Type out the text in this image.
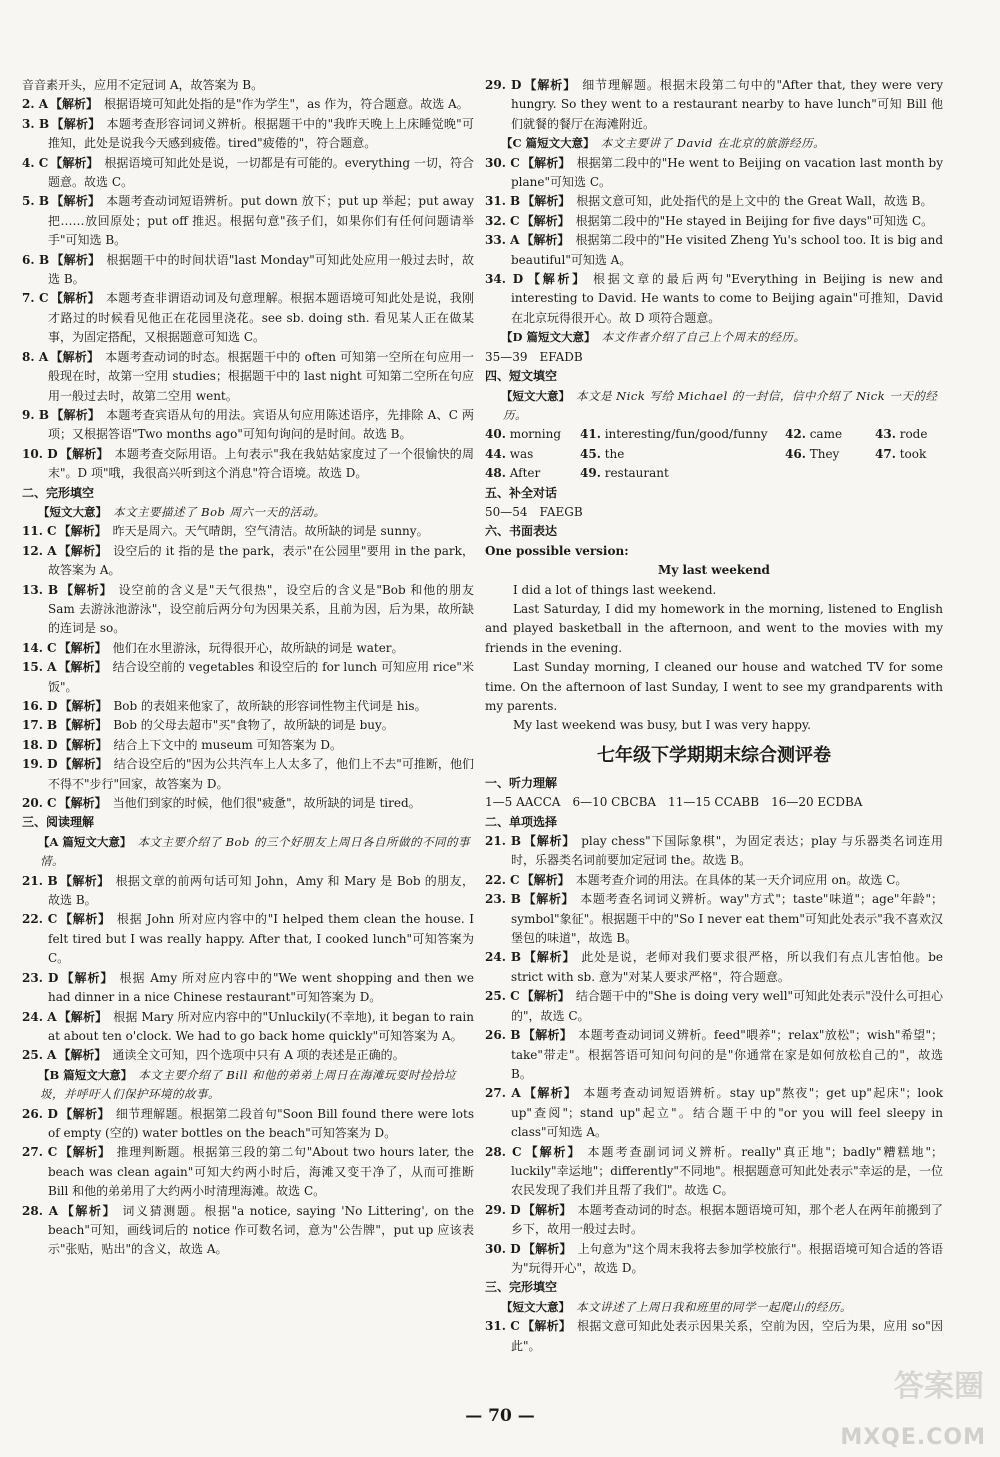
音音素开头，应用不定冠词 A，故答案为 B。
2. A 【解析】 根据语境可知此处指的是"作为学生"，as 作为，符合题意。故选 A。
3. B 【解析】 本题考查形容词词义辨析。根据题干中的"我昨天晚上上床睡觉晚"可推知，此处是说我今天感到疲倦。tired"疲倦的"，符合题意。
4. C 【解析】 根据语境可知此处是说，一切都是有可能的。everything 一切，符合题意。故选 C。
5. B 【解析】 本题考查动词短语辨析。put down 放下；put up 举起；put away 把……放回原处；put off 推迟。根据句意"孩子们，如果你们有任何问题请举手"可知选 B。
6. B 【解析】 根据题干中的时间状语"last Monday"可知此处应用一般过去时，故选 B。
7. C 【解析】 本题考查非谓语动词及句意理解。根据本题语境可知此处是说，我刚才路过的时候看见他正在花园里浇花。see sb. doing sth. 看见某人正在做某事，为固定搭配，又根据题意可知选 C。
8. A 【解析】 本题考查动词的时态。根据题干中的 often 可知第一空所在句应用一般现在时，故第一空用 studies；根据题干中的 last night 可知第二空所在句应用一般过去时，故第二空用 went。
9. B 【解析】 本题考查宾语从句的用法。宾语从句应用陈述语序，先排除 A、C 两项；又根据答语"Two months ago"可知句询问的是时间。故选 B。
10. D 【解析】 本题考查交际用语。上句表示"我在我姑姑家度过了一个很愉快的周末"。D 项"哦，我很高兴听到这个消息"符合语境。故选 D。
二、完形填空
【短文大意】 本文主要描述了 Bob 周六一天的活动。
11. C 【解析】 昨天是周六。天气晴朗，空气清洁。故所缺的词是 sunny。
12. A 【解析】 设空后的 it 指的是 the park，表示"在公园里"要用 in the park，故答案为 A。
13. B 【解析】 设空前的含义是"天气很热"，设空后的含义是"Bob 和他的朋友 Sam 去游泳池游泳"，设空前后两分句为因果关系，且前为因，后为果，故所缺的连词是 so。
14. C 【解析】 他们在水里游泳，玩得很开心，故所缺的词是 water。
15. A 【解析】 结合设空前的 vegetables 和设空后的 for lunch 可知应用 rice"米饭"。
16. D 【解析】 Bob 的表姐来他家了，故所缺的形容词性物主代词是 his。
17. B 【解析】 Bob 的父母去超市"买"食物了，故所缺的词是 buy。
18. D 【解析】 结合上下文中的 museum 可知答案为 D。
19. D 【解析】 结合设空后的"因为公共汽车上人太多了，他们上不去"可推断，他们不得不"步行"回家，故答案为 D。
20. C 【解析】 当他们到家的时候，他们很"疲惫"，故所缺的词是 tired。
三、阅读理解
【A 篇短文大意】 本文主要介绍了 Bob 的三个好朋友上周日各自所做的不同的事情。
21. B 【解析】 根据文章的前两句话可知 John，Amy 和 Mary 是 Bob 的朋友，故选 B。
22. C 【解析】 根据 John 所对应内容中的"I helped them clean the house. I felt tired but I was really happy. After that, I cooked lunch"可知答案为 C。
23. D 【解析】 根据 Amy 所对应内容中的"We went shopping and then we had dinner in a nice Chinese restaurant"可知答案为 D。
24. A 【解析】 根据 Mary 所对应内容中的"Unluckily(不幸地), it began to rain at about ten o'clock. We had to go back home quickly"可知答案为 A。
25. A 【解析】 通读全文可知，四个选项中只有 A 项的表述是正确的。
【B 篇短文大意】 本文主要介绍了 Bill 和他的弟弟上周日在海滩玩耍时捡拾垃圾，并呼吁人们保护环境的故事。
26. D 【解析】 细节理解题。根据第二段首句"Soon Bill found there were lots of empty (空的) water bottles on the beach"可知答案为 D。
27. C 【解析】 推理判断题。根据第三段的第二句"About two hours later, the beach was clean again"可知大约两小时后，海滩又变干净了，从而可推断 Bill 和他的弟弟用了大约两小时清理海滩。故选 C。
28. A 【解析】 词义猜测题。根据"a notice, saying 'No Littering', on the beach"可知，画线词后的 notice 作可数名词，意为"公告牌"，put up 应该表示"张贴，贴出"的含义，故选 A。
29. D 【解析】 细节理解题。根据末段第二句中的"After that, they were very hungry. So they went to a restaurant nearby to have lunch"可知 Bill 他们就餐的餐厅在海滩附近。
【C 篇短文大意】 本文主要讲了 David 在北京的旅游经历。
30. C 【解析】 根据第二段中的"He went to Beijing on vacation last month by plane"可知选 C。
31. B 【解析】 根据文意可知，此处指代的是上文中的 the Great Wall，故选 B。
32. C 【解析】 根据第二段中的"He stayed in Beijing for five days"可知选 C。
33. A 【解析】 根据第二段中的"He visited Zheng Yu's school too. It is big and beautiful"可知选 A。
34. D 【解析】 根据文章的最后两句"Everything in Beijing is new and interesting to David. He wants to come to Beijing again"可推知，David 在北京玩得很开心。故 D 项符合题意。
【D 篇短文大意】 本文作者介绍了自己上个周末的经历。
35—39　EFADB
四、短文填空
【短文大意】 本文是 Nick 写给 Michael 的一封信，信中介绍了 Nick 一天的经历。
40. morning	41. interesting/fun/good/funny	42. came	43. rode
44. was	45. the	46. They	47. took
48. After	49. restaurant
五、补全对话
50—54　FAEGB
六、书面表达
One possible version:
My last weekend

I did a lot of things last weekend.

Last Saturday, I did my homework in the morning, listened to English and played basketball in the afternoon, and went to the movies with my friends in the evening.

Last Sunday morning, I cleaned our house and watched TV for some time. On the afternoon of last Sunday, I went to see my grandparents with my parents.

My last weekend was busy, but I was very happy.

七年级下学期期末综合测评卷
一、听力理解
1—5 AACCA　6—10 CBCBA　11—15 CCABB　16—20 ECDBA
二、单项选择
21. B 【解析】 play chess"下国际象棋"，为固定表达；play 与乐器类名词连用时，乐器类名词前要加定冠词 the。故选 B。
22. C 【解析】 本题考查介词的用法。在具体的某一天介词应用 on。故选 C。
23. B 【解析】 本题考查名词词义辨析。way"方式"；taste"味道"；age"年龄"；symbol"象征"。根据题干中的"So I never eat them"可知此处表示"我不喜欢汉堡包的味道"，故选 B。
24. B 【解析】 此处是说，老师对我们要求很严格，所以我们有点儿害怕他。be strict with sb. 意为"对某人要求严格"，符合题意。
25. C 【解析】 结合题干中的"She is doing very well"可知此处表示"没什么可担心的"，故选 C。
26. B 【解析】 本题考查动词词义辨析。feed"喂养"；relax"放松"；wish"希望"；take"带走"。根据答语可知问句问的是"你通常在家是如何放松自己的"，故选 B。
27. A 【解析】 本题考查动词短语辨析。stay up"熬夜"；get up"起床"；look up"查阅"；stand up"起立"。结合题干中的"or you will feel sleepy in class"可知选 A。
28. C 【解析】 本题考查副词词义辨析。really"真正地"；badly"糟糕地"；luckily"幸运地"；differently"不同地"。根据题意可知此处表示"幸运的是，一位农民发现了我们并且帮了我们"。故选 C。
29. D 【解析】 本题考查动词的时态。根据本题语境可知，那个老人在两年前搬到了乡下，故用一般过去时。
30. D 【解析】 上句意为"这个周末我将去参加学校旅行"。根据语境可知合适的答语为"玩得开心"，故选 D。
三、完形填空
【短文大意】 本文讲述了上周日我和班里的同学一起爬山的经历。
31. C 【解析】 根据文意可知此处表示因果关系，空前为因，空后为果，应用 so"因此"。
— 70 —
答案圈
MXQE.COM
